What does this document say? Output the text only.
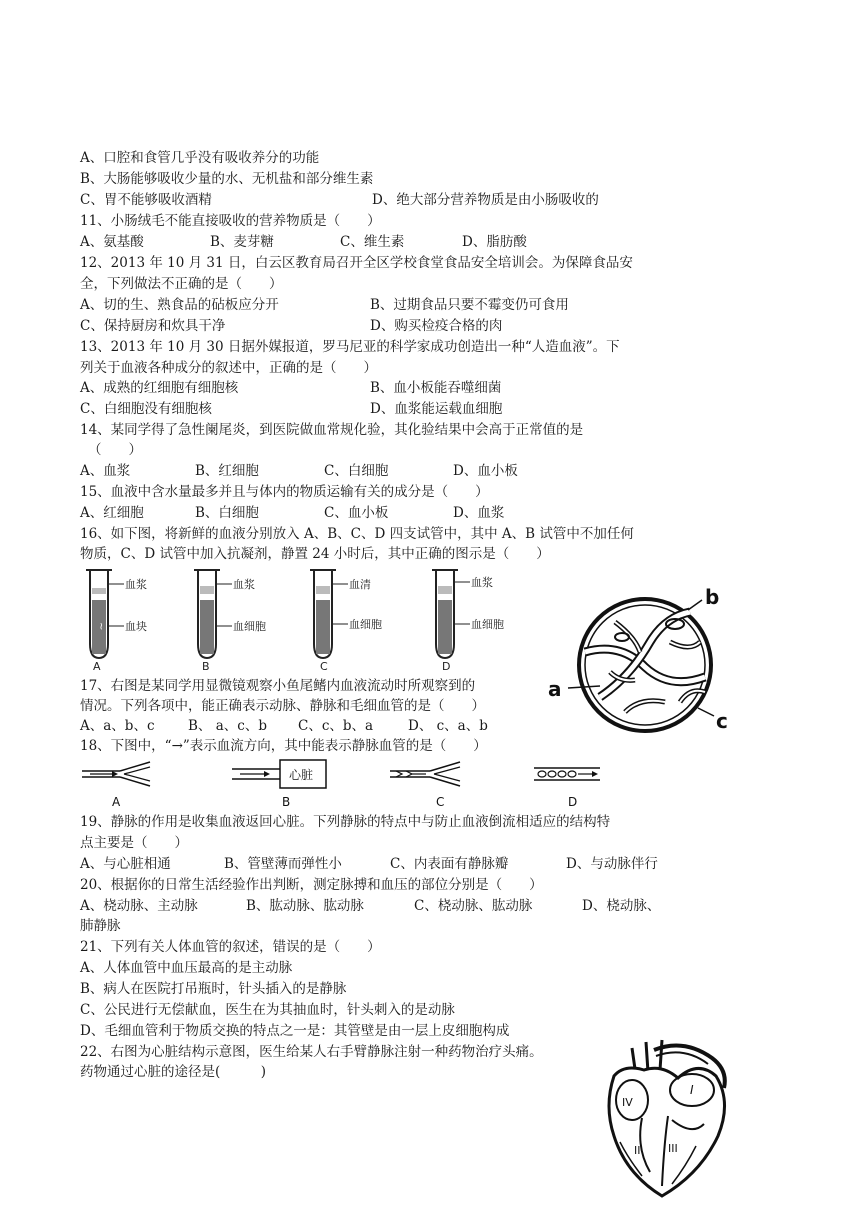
A、口腔和食管几乎没有吸收养分的功能
B、大肠能够吸收少量的水、无机盐和部分维生素
C、胃不能够吸收酒精	D、绝大部分营养物质是由小肠吸收的
11、小肠绒毛不能直接吸收的营养物质是（　　）
A、氨基酸	B、麦芽糖	C、维生素	D、脂肪酸
12、2013 年 10 月 31 日，白云区教育局召开全区学校食堂食品安全培训会。为保障食品安
全，下列做法不正确的是（　　）
A、切的生、熟食品的砧板应分开	B、过期食品只要不霉变仍可食用
C、保持厨房和炊具干净	D、购买检疫合格的肉
13、2013 年 10 月 30 日据外媒报道，罗马尼亚的科学家成功创造出一种“人造血液”。下
列关于血液各种成分的叙述中，正确的是（　　）
A、成熟的红细胞有细胞核	B、血小板能吞噬细菌
C、白细胞没有细胞核	D、血浆能运载血细胞
14、某同学得了急性阑尾炎，到医院做血常规化验，其化验结果中会高于正常值的是
（　　）
A、血浆	B、红细胞	C、白细胞	D、血小板
15、血液中含水量最多并且与体内的物质运输有关的成分是（　　）
A、红细胞	B、白细胞	C、血小板	D、血浆
16、如下图，将新鲜的血液分别放入 A、B、C、D 四支试管中，其中 A、B 试管中不加任何
物质，C、D 试管中加入抗凝剂，静置 24 小时后，其中正确的图示是（　　）
~
血浆
血块
A
血浆
血细胞
B
血清
血细胞
C
血浆
血细胞
D
b
a
c
17、右图是某同学用显微镜观察小鱼尾鳍内血液流动时所观察到的
情况。下列各项中，能正确表示动脉、静脉和毛细血管的是（　　）
A、a、b、c B、 a、c、b C、c、b、a	D、 c、a、b
18、下图中，“→”表示血流方向，其中能表示静脉血管的是（　　）
A
心脏
B	C	D
19、静脉的作用是收集血液返回心脏。下列静脉的特点中与防止血液倒流相适应的结构特
点主要是（　　）
A、与心脏相通	B、管壁薄而弹性小	C、内表面有静脉瓣	D、与动脉伴行
20、根据你的日常生活经验作出判断，测定脉搏和血压的部位分别是（　　）
A、桡动脉、主动脉	B、肱动脉、肱动脉	C、桡动脉、肱动脉	D、桡动脉、
肺静脉
21、下列有关人体血管的叙述，错误的是（　　）
A、人体血管中血压最高的是主动脉
B、病人在医院打吊瓶时，针头插入的是静脉
C、公民进行无偿献血，医生在为其抽血时，针头刺入的是动脉
D、毛细血管利于物质交换的特点之一是：其管壁是由一层上皮细胞构成
22、右图为心脏结构示意图，医生给某人右手臂静脉注射一种药物治疗头痛。
药物通过心脏的途径是(　　　)
I
II	III
IV
